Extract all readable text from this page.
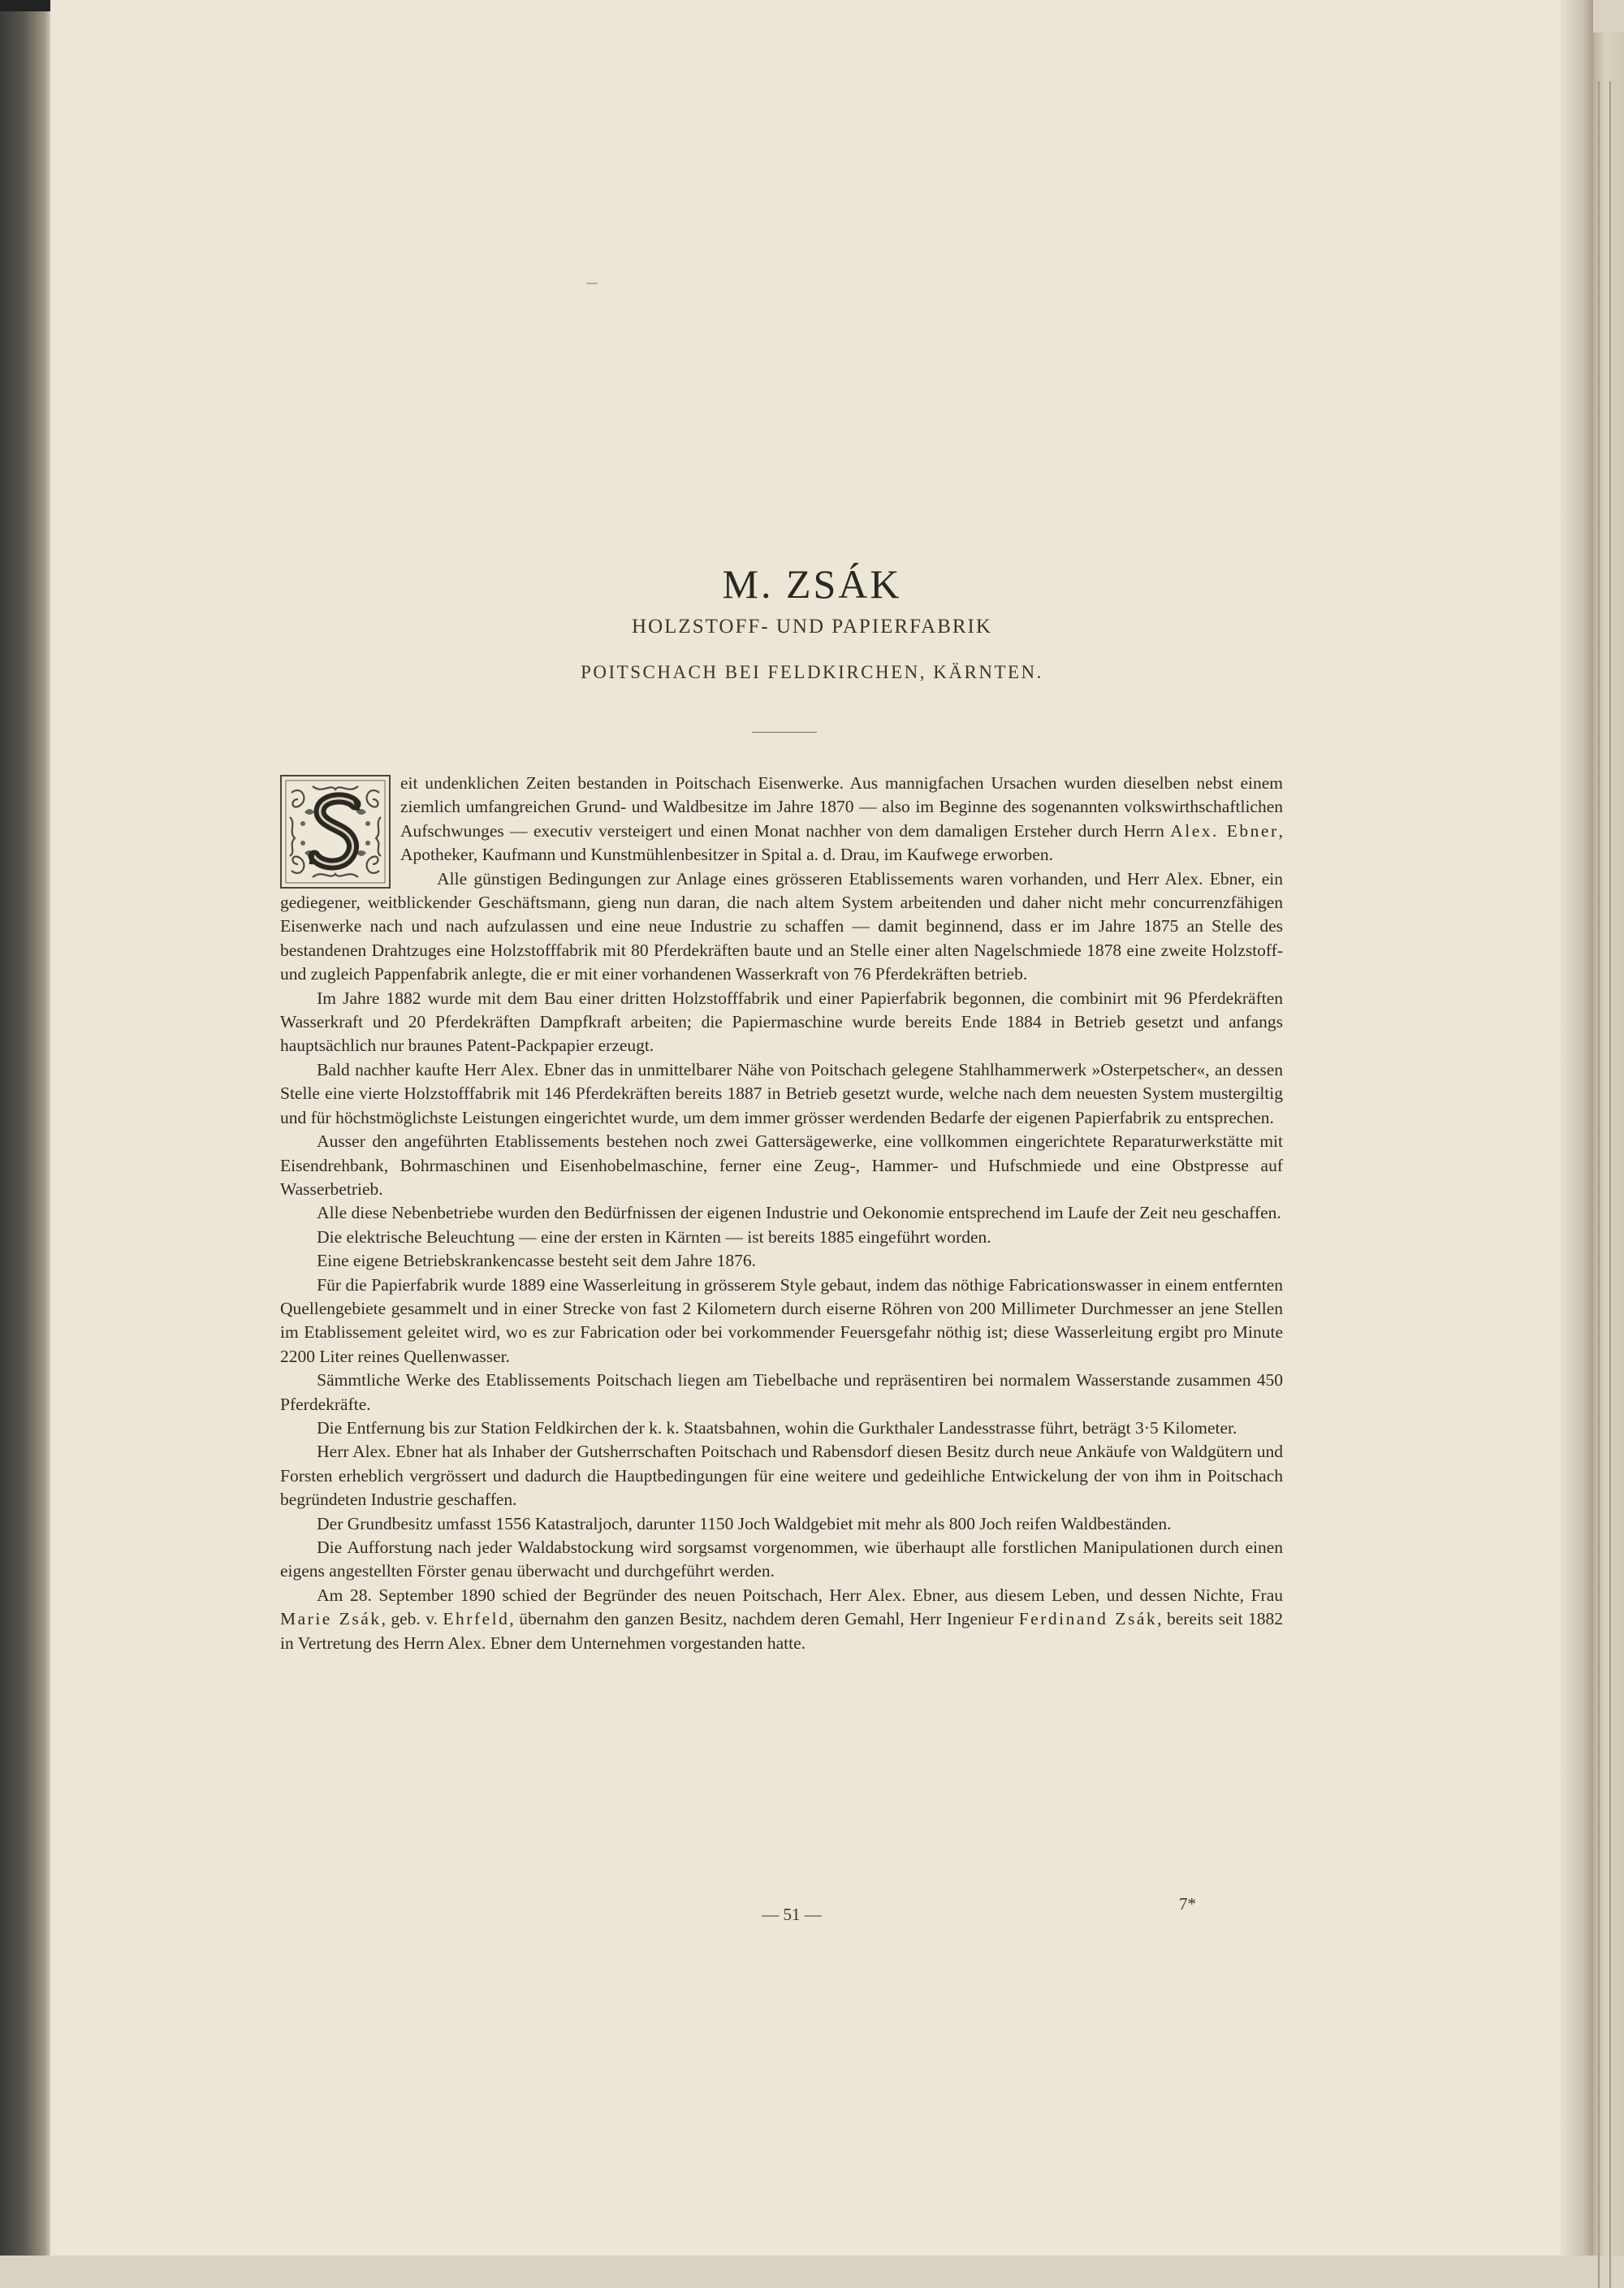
M. ZSÁK
HOLZSTOFF- UND PAPIERFABRIK
POITSCHACH BEI FELDKIRCHEN, KÄRNTEN.

eit undenklichen Zeiten bestanden in Poitschach Eisenwerke. Aus mannigfachen Ursachen wurden dieselben nebst einem ziemlich umfangreichen Grund- und Waldbesitze im Jahre 1870 — also im Beginne des sogenannten volkswirthschaftlichen Aufschwunges — executiv versteigert und einen Monat nachher von dem damaligen Ersteher durch Herrn Alex. Ebner, Apotheker, Kaufmann und Kunstmühlenbesitzer in Spital a. d. Drau, im Kaufwege erworben.

Alle günstigen Bedingungen zur Anlage eines grösseren Etablissements waren vorhanden, und Herr Alex. Ebner, ein gediegener, weitblickender Geschäftsmann, gieng nun daran, die nach altem System arbeitenden und daher nicht mehr concurrenzfähigen Eisenwerke nach und nach aufzulassen und eine neue Industrie zu schaffen — damit beginnend, dass er im Jahre 1875 an Stelle des bestandenen Drahtzuges eine Holzstofffabrik mit 80 Pferdekräften baute und an Stelle einer alten Nagelschmiede 1878 eine zweite Holzstoff- und zugleich Pappenfabrik anlegte, die er mit einer vorhandenen Wasserkraft von 76 Pferdekräften betrieb.

Im Jahre 1882 wurde mit dem Bau einer dritten Holzstofffabrik und einer Papierfabrik begonnen, die combinirt mit 96 Pferdekräften Wasserkraft und 20 Pferdekräften Dampfkraft arbeiten; die Papiermaschine wurde bereits Ende 1884 in Betrieb gesetzt und anfangs hauptsächlich nur braunes Patent-Packpapier erzeugt.

Bald nachher kaufte Herr Alex. Ebner das in unmittelbarer Nähe von Poitschach gelegene Stahlhammerwerk »Osterpetscher«, an dessen Stelle eine vierte Holzstofffabrik mit 146 Pferdekräften bereits 1887 in Betrieb gesetzt wurde, welche nach dem neuesten System mustergiltig und für höchstmöglichste Leistungen eingerichtet wurde, um dem immer grösser werdenden Bedarfe der eigenen Papierfabrik zu entsprechen.

Ausser den angeführten Etablissements bestehen noch zwei Gattersägewerke, eine vollkommen eingerichtete Reparaturwerkstätte mit Eisendrehbank, Bohrmaschinen und Eisenhobelmaschine, ferner eine Zeug-, Hammer- und Hufschmiede und eine Obstpresse auf Wasserbetrieb.

Alle diese Nebenbetriebe wurden den Bedürfnissen der eigenen Industrie und Oekonomie entsprechend im Laufe der Zeit neu geschaffen.

Die elektrische Beleuchtung — eine der ersten in Kärnten — ist bereits 1885 eingeführt worden.

Eine eigene Betriebskrankencasse besteht seit dem Jahre 1876.

Für die Papierfabrik wurde 1889 eine Wasserleitung in grösserem Style gebaut, indem das nöthige Fabricationswasser in einem entfernten Quellengebiete gesammelt und in einer Strecke von fast 2 Kilometern durch eiserne Röhren von 200 Millimeter Durchmesser an jene Stellen im Etablissement geleitet wird, wo es zur Fabrication oder bei vorkommender Feuersgefahr nöthig ist; diese Wasserleitung ergibt pro Minute 2200 Liter reines Quellenwasser.

Sämmtliche Werke des Etablissements Poitschach liegen am Tiebelbache und repräsentiren bei normalem Wasserstande zusammen 450 Pferdekräfte.

Die Entfernung bis zur Station Feldkirchen der k. k. Staatsbahnen, wohin die Gurkthaler Landesstrasse führt, beträgt 3·5 Kilometer.

Herr Alex. Ebner hat als Inhaber der Gutsherrschaften Poitschach und Rabensdorf diesen Besitz durch neue Ankäufe von Waldgütern und Forsten erheblich vergrössert und dadurch die Hauptbedingungen für eine weitere und gedeihliche Entwickelung der von ihm in Poitschach begründeten Industrie geschaffen.

Der Grundbesitz umfasst 1556 Katastraljoch, darunter 1150 Joch Waldgebiet mit mehr als 800 Joch reifen Waldbeständen.

Die Aufforstung nach jeder Waldabstockung wird sorgsamst vorgenommen, wie überhaupt alle forstlichen Manipulationen durch einen eigens angestellten Förster genau überwacht und durchgeführt werden.

Am 28. September 1890 schied der Begründer des neuen Poitschach, Herr Alex. Ebner, aus diesem Leben, und dessen Nichte, Frau Marie Zsák, geb. v. Ehrfeld, übernahm den ganzen Besitz, nachdem deren Gemahl, Herr Ingenieur Ferdinand Zsák, bereits seit 1882 in Vertretung des Herrn Alex. Ebner dem Unternehmen vorgestanden hatte.

— 51 —
7*
